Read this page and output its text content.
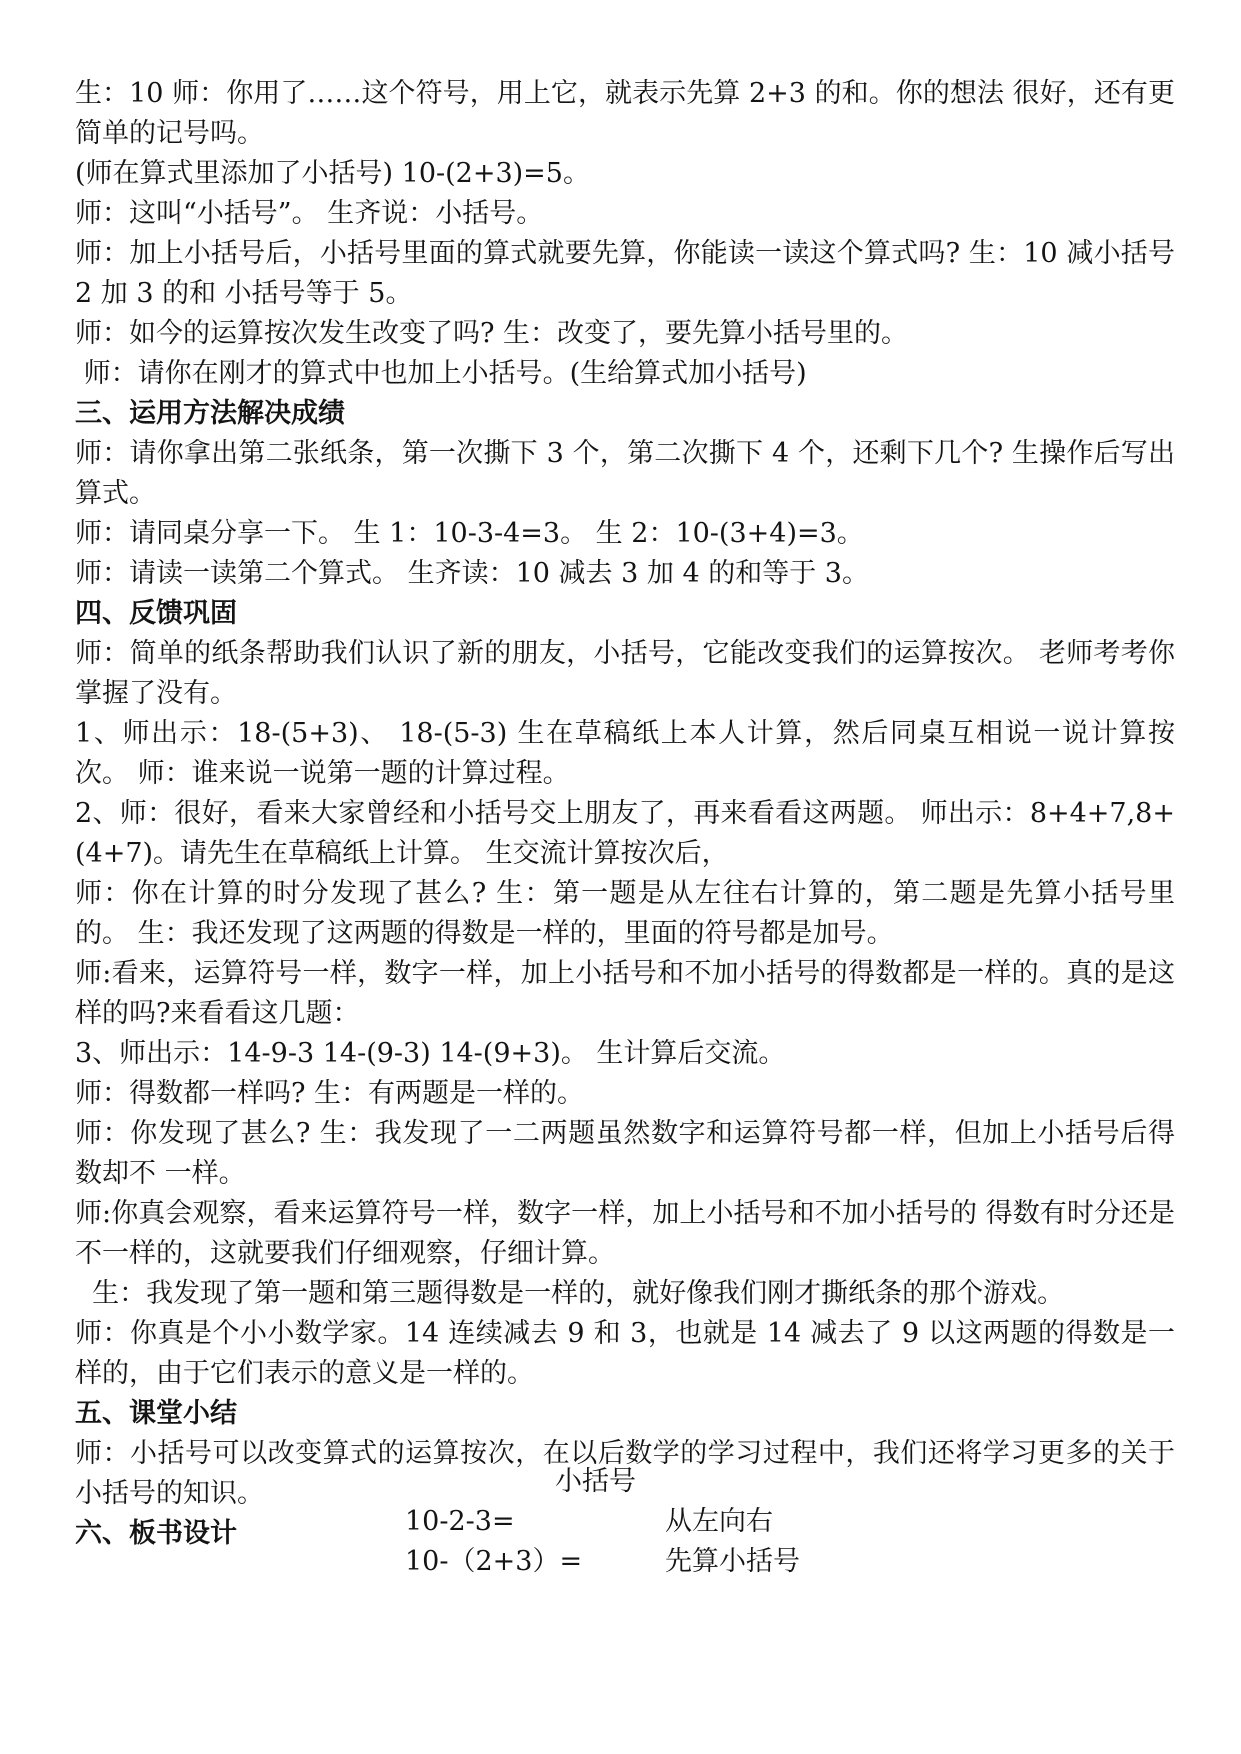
生：10 师：你用了……这个符号，用上它，就表示先算 2+3 的和。你的想法 很好，还有更简单的记号吗。
(师在算式里添加了小括号) 10-(2+3)=5。
师：这叫“小括号”。 生齐说：小括号。
师：加上小括号后，小括号里面的算式就要先算，你能读一读这个算式吗? 生：10 减小括号 2 加 3 的和 小括号等于 5。
师：如今的运算按次发生改变了吗? 生：改变了，要先算小括号里的。
师：请你在刚才的算式中也加上小括号。(生给算式加小括号)
三、运用方法解决成绩
师：请你拿出第二张纸条，第一次撕下 3 个，第二次撕下 4 个，还剩下几个? 生操作后写出算式。
师：请同桌分享一下。 生 1：10-3-4=3。 生 2：10-(3+4)=3。
师：请读一读第二个算式。 生齐读：10 减去 3 加 4 的和等于 3。
四、反馈巩固
师：简单的纸条帮助我们认识了新的朋友，小括号，它能改变我们的运算按次。 老师考考你掌握了没有。
1、师出示：18-(5+3)、 18-(5-3) 生在草稿纸上本人计算，然后同桌互相说一说计算按次。 师：谁来说一说第一题的计算过程。
2、师：很好，看来大家曾经和小括号交上朋友了，再来看看这两题。 师出示：8+4+7,8+(4+7)。请先生在草稿纸上计算。 生交流计算按次后，
师：你在计算的时分发现了甚么? 生：第一题是从左往右计算的，第二题是先算小括号里的。 生：我还发现了这两题的得数是一样的，里面的符号都是加号。
师:看来，运算符号一样，数字一样，加上小括号和不加小括号的得数都是一样的。真的是这样的吗?来看看这几题：
3、师出示：14-9-3 14-(9-3) 14-(9+3)。 生计算后交流。
师：得数都一样吗? 生：有两题是一样的。
师：你发现了甚么? 生：我发现了一二两题虽然数字和运算符号都一样，但加上小括号后得数却不 一样。
师:你真会观察，看来运算符号一样，数字一样，加上小括号和不加小括号的 得数有时分还是不一样的，这就要我们仔细观察，仔细计算。
生：我发现了第一题和第三题得数是一样的，就好像我们刚才撕纸条的那个游戏。
师：你真是个小小数学家。14 连续减去 9 和 3，也就是 14 减去了 9 以这两题的得数是一样的，由于它们表示的意义是一样的。
五、课堂小结
师：小括号可以改变算式的运算按次，在以后数学的学习过程中，我们还将学习更多的关于小括号的知识。
六、板书设计
小括号
10-2-3=	从左向右
10-（2+3）=	先算小括号
